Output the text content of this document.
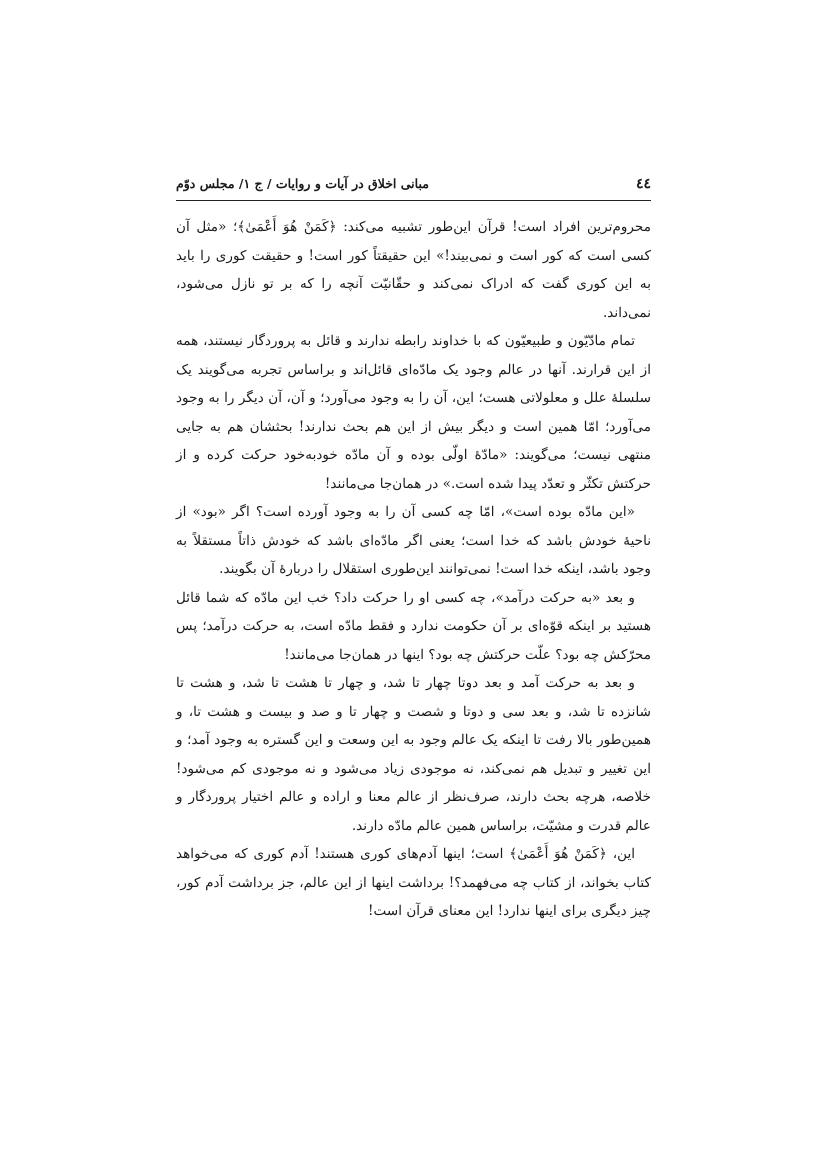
٤٤
مبانی اخلاق در آیات و روایات / ج ۱/ مجلس دوّم

محروم‌ترین افراد است! قرآن این‌طور تشبیه می‌کند: ﴿کَمَنْ هُوَ أَعْمَىٰ﴾؛ «مثل آن کسی است که کور است و نمی‌بیند!» این حقیقتاً کور است! و حقیقت کوری را باید به این کوری گفت که ادراک نمی‌کند و حقّانیّت آنچه را که بر تو نازل می‌شود، نمی‌داند.

تمام مادّیّون و طبیعیّون که با خداوند رابطه ندارند و قائل به پروردگار نیستند، همه از این قرارند. آنها در عالم وجود یک مادّه‌ای قائل‌اند و براساس تجربه می‌گویند یک سلسلهٔ علل و معلولاتی هست؛ این، آن را به وجود می‌آورد؛ و آن، آن دیگر را به وجود می‌آورد؛ امّا همین است و دیگر بیش از این هم بحث ندارند! بحثشان هم به جایی منتهی نیست؛ می‌گویند: «مادّهٔ اولّی بوده و آن مادّه خودبه‌خود حرکت کرده و از حرکتش تکثّر و تعدّد پیدا شده است.» در همان‌جا می‌مانند!

«این مادّه بوده است»، امّا چه کسی آن را به وجود آورده است؟ اگر «بود» از ناحیهٔ خودش باشد که خدا است؛ یعنی اگر مادّه‌ای باشد که خودش ذاتاً مستقلاً به وجود باشد، اینکه خدا است! نمی‌توانند این‌طوری استقلال را دربارهٔ آن بگویند.

و بعد «به حرکت درآمد»، چه کسی او را حرکت داد؟ خب این مادّه که شما قائل هستید بر اینکه قوّه‌ای بر آن حکومت ندارد و فقط مادّه است، به حرکت درآمد؛ پس محرّکش چه بود؟ علّت حرکتش چه بود؟ اینها در همان‌جا می‌مانند!

و بعد به حرکت آمد و بعد دوتا چهار تا شد، و چهار تا هشت تا شد، و هشت تا شانزده تا شد، و بعد سی و دوتا و شصت و چهار تا و صد و بیست و هشت تا، و همین‌طور بالا رفت تا اینکه یک عالم وجود به این وسعت و این گستره به وجود آمد؛ و این تغییر و تبدیل هم نمی‌کند، نه موجودی زیاد می‌شود و نه موجودی کم می‌شود! خلاصه، هرچه بحث دارند، صرف‌نظر از عالم معنا و اراده و عالم اختیار پروردگار و عالم قدرت و مشیّت، براساس همین عالم مادّه دارند.

این، ﴿کَمَنْ هُوَ أَعْمَىٰ﴾ است؛ اینها آدم‌های کوری هستند! آدم کوری که می‌خواهد کتاب بخواند، از کتاب چه می‌فهمد؟! برداشت اینها از این عالم، جز برداشت آدم کور، چیز دیگری برای اینها ندارد! این معنای قرآن است!
